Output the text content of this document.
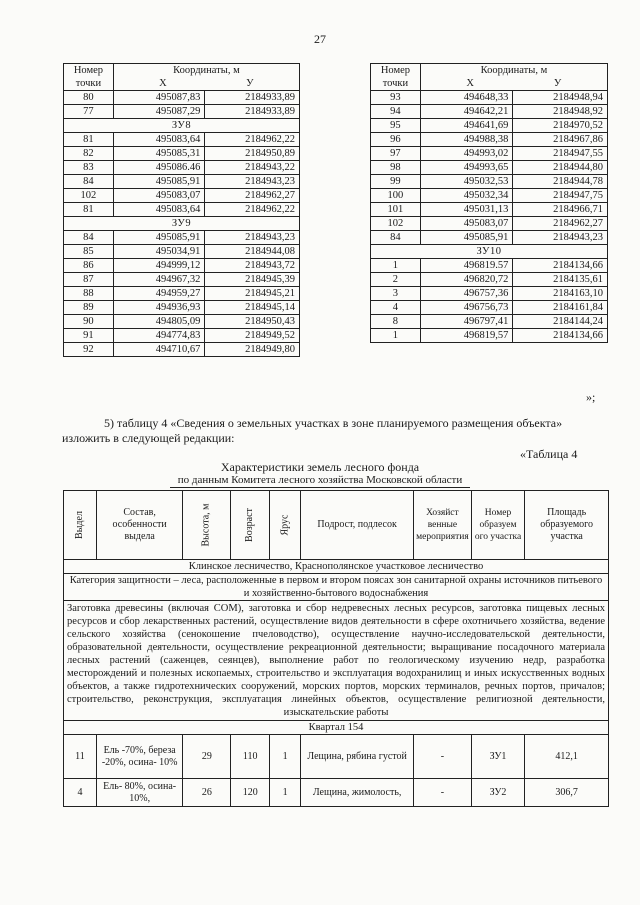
27
Номер
точки	Координаты, м
X У	
80	495087,83	2184933,89
77	495087,29	2184933,89
ЗУ8		
81	495083,64	2184962,22
82	495085,31	2184950,89
83	495086.46	2184943,22
84	495085,91	2184943,23
102	495083,07	2184962,27
81	495083,64	2184962,22
ЗУ9		
84	495085,91	2184943,23
85	495034,91	2184944,08
86	494999,12	2184943,72
87	494967,32	2184945,39
88	494959,27	2184945,21
89	494936,93	2184945,14
90	494805,09	2184950,43
91	494774,83	2184949,52
92	494710,67	2184949,80
Номер
точки	Координаты, м
X У	
93	494648,33	2184948,94
94	494642,21	2184948,92
95	494641,69	2184970,52
96	494988,38	2184967,86
97	494993,02	2184947,55
98	494993,65	2184944,80
99	495032,53	2184944,78
100	495032,34	2184947,75
101	495031,13	2184966,71
102	495083,07	2184962,27
84	495085,91	2184943,23
ЗУ10		
1	496819.57	2184134,66
2	496820,72	2184135,61
3	496757,36	2184163,10
4	496756,73	2184161,84
8	496797,41	2184144,24
1	496819,57	2184134,66
»;
5) таблицу 4 «Сведения о земельных участках в зоне планируемого размещения объекта»
изложить в следующей редакции:
«Таблица 4
Характеристики земель лесного фонда
по данным Комитета лесного хозяйства Московской области
Выдел	Состав, особенности выдела	Высота, м	Возраст	Ярус	Подрост, подлесок	Хозяйст венные мероприятия	Номер образуем ого участка	Площадь образуемого участка
Клинское лесничество, Краснополянское участковое лесничество								
Категория защитности – леса, расположенные в первом и втором поясах зон санитарной охраны источников питьевого и хозяйственно-бытового водоснабжения								
Заготовка древесины (включая СОМ), заготовка и сбор недревесных лесных ресурсов, заготовка пищевых лесных ресурсов и сбор лекарственных растений, осуществление видов деятельности в сфере охотничьего хозяйства, ведение сельского хозяйства (сенокошение пчеловодство), осуществление научно-исследовательской деятельности, образовательной деятельности, осуществление рекреационной деятельности; выращивание посадочного материала лесных растений (саженцев, сеянцев), выполнение работ по геологическому изучению недр, разработка месторождений и полезных ископаемых, строительство и эксплуатация водохранилищ и иных искусственных водных объектов, а также гидротехнических сооружений, морских портов, морских терминалов, речных портов, причалов; строительство, реконструкция, эксплуатация линейных объектов, осуществление религиозной деятельности, изыскательские работы								
Квартал 154								
11	Ель -70%, береза -20%, осина- 10%	29	110	1	Лещина, рябина густой	-	ЗУ1	412,1
4	Ель- 80%, осина- 10%,	26	120	1	Лещина, жимолость,	-	ЗУ2	306,7
